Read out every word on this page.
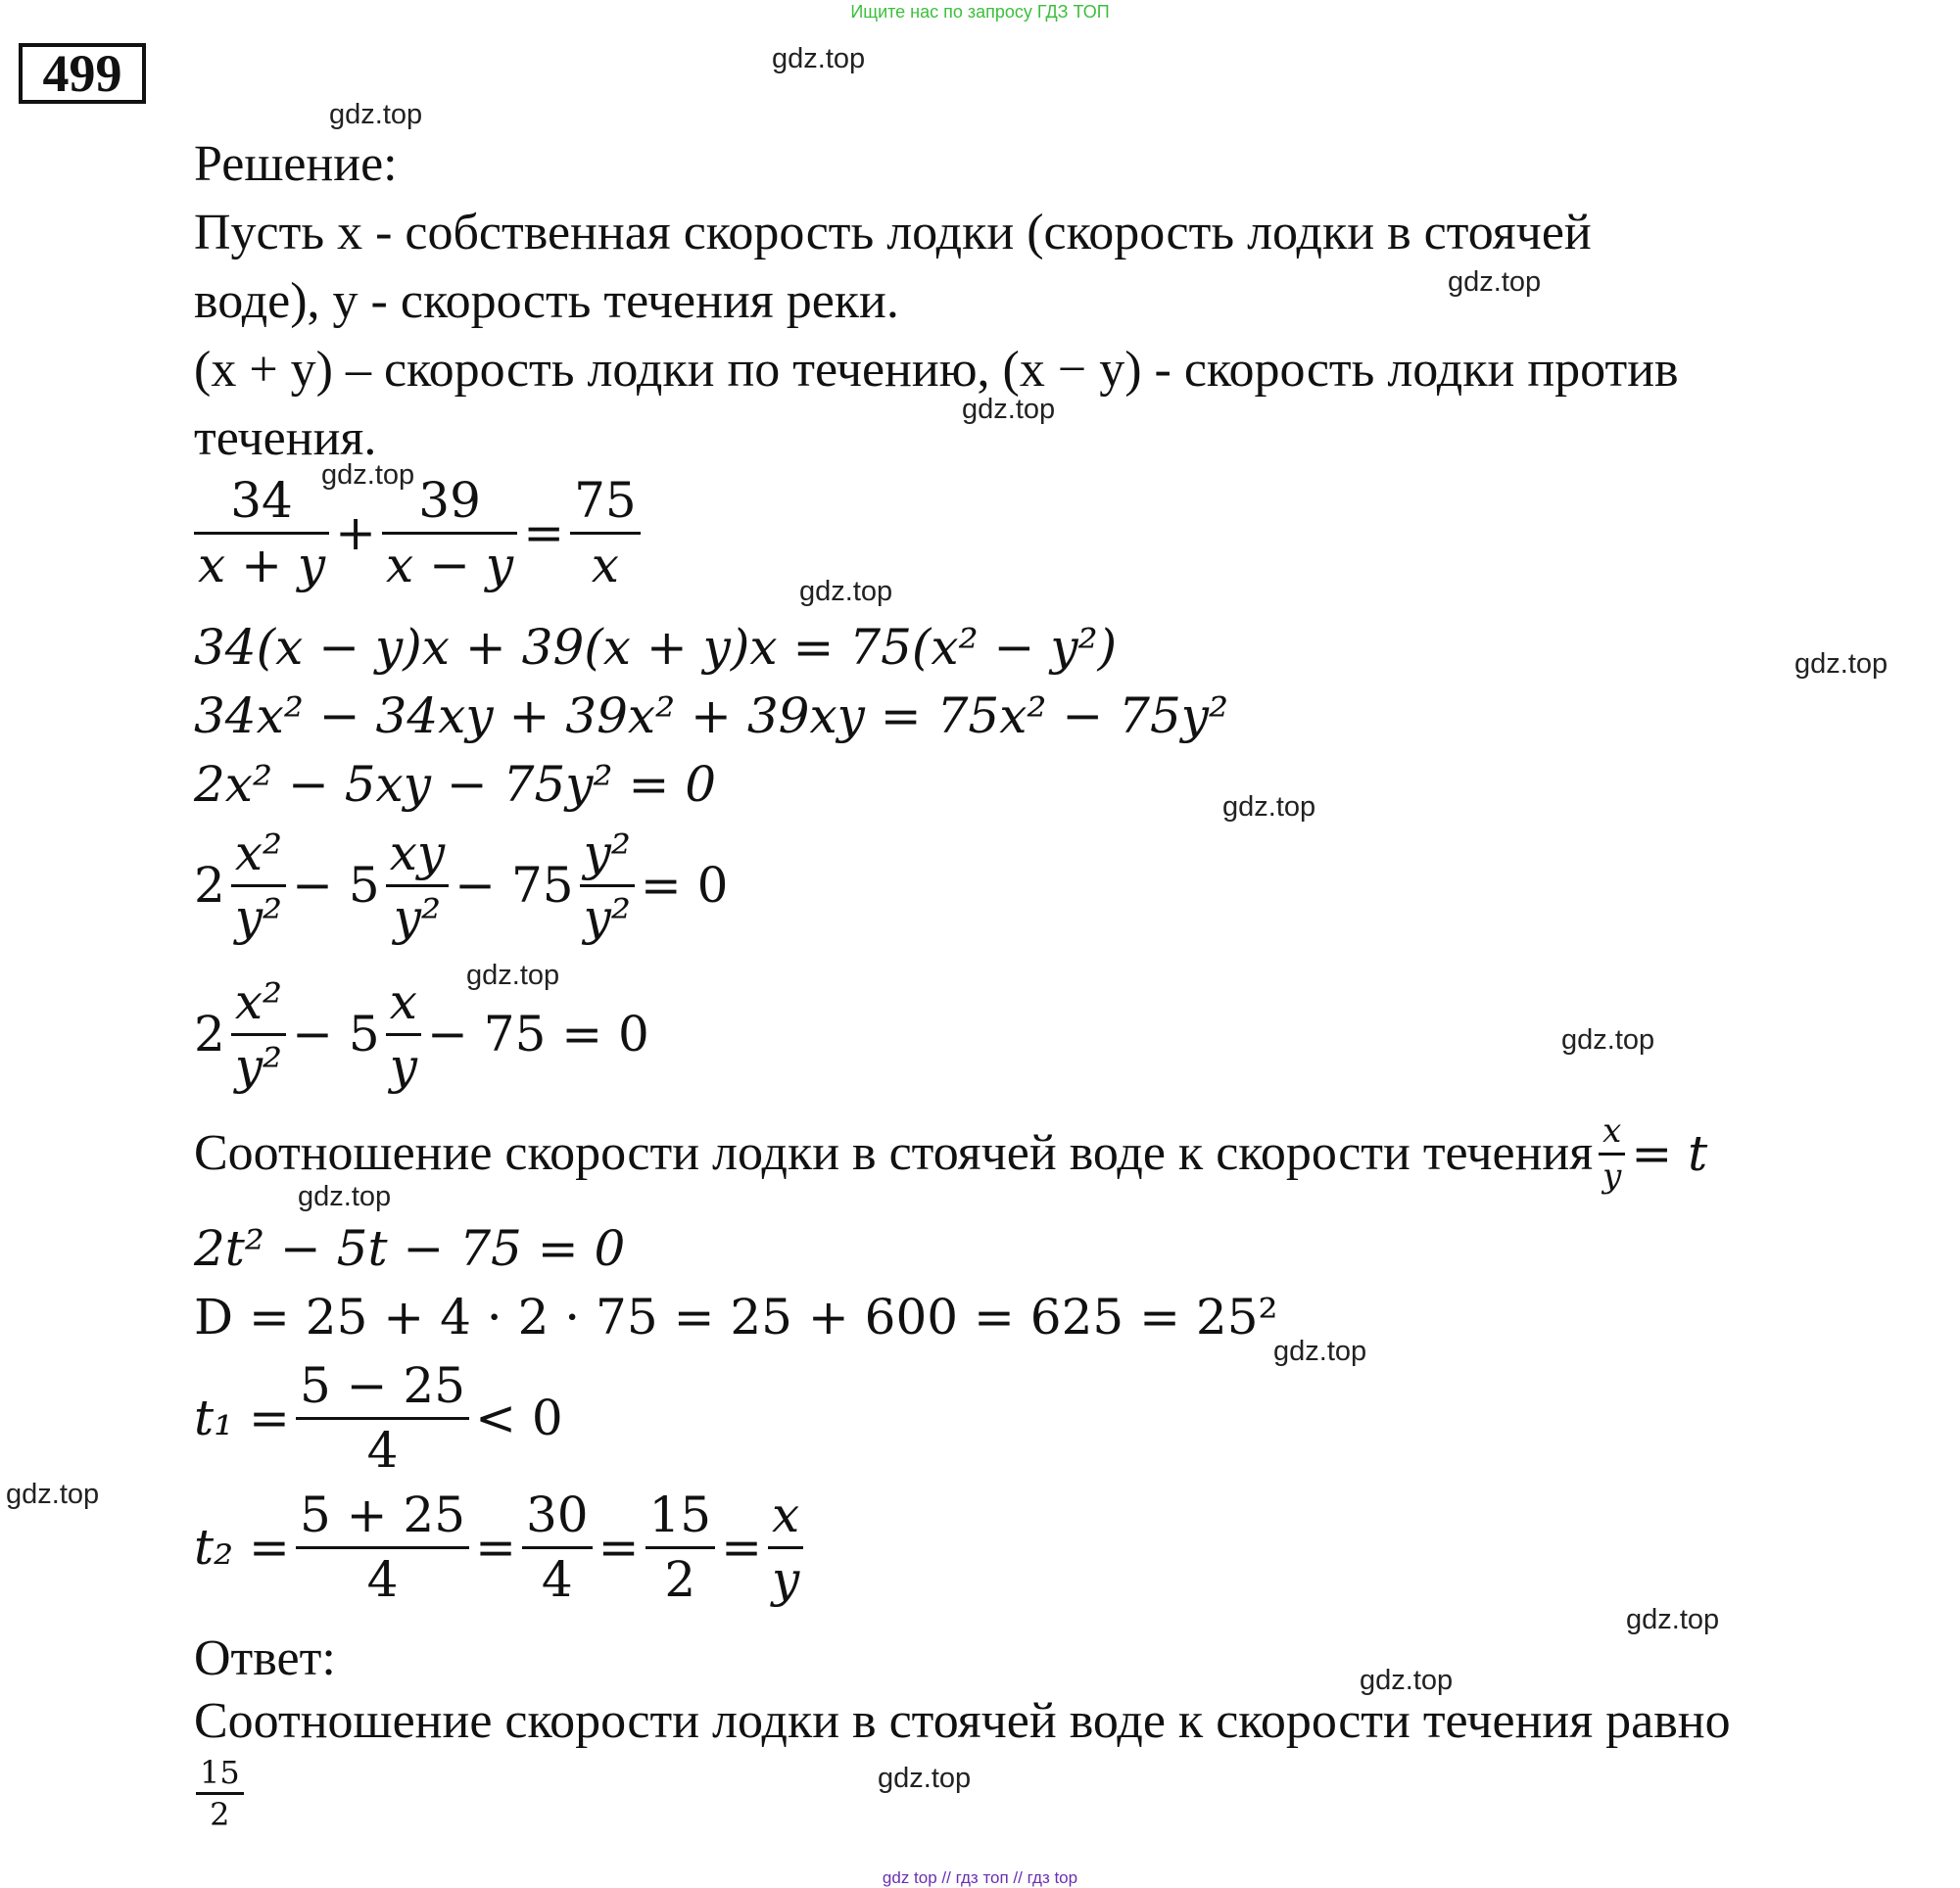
Ищите нас по запросу ГДЗ ТОП
499	gdz.top
gdz.top
gdz.top
gdz.top
gdz.top
gdz.top
gdz.top
gdz.top
gdz.top
gdz.top
gdz.top
gdz.top
gdz.top
gdz.top
gdz.top
gdz.top
Решение:
Пусть x - собственная скорость лодки (скорость лодки в стоячей
воде), y - скорость течения реки.
(x + y) – скорость лодки по течению, (x − y) - скорость лодки против
течения.
$\frac{34}{x + y} + \frac{39}{x - y} = \frac{75}{x}$
34(x − y)x + 39(x + y)x = 75(x² − y²)
34x² − 34xy + 39x² + 39xy = 75x² − 75y²
2x² − 5xy − 75y² = 0
$2 \frac{\text{x²}}{\text{y²}} - 5 \frac{xy}{\text{y²}} - 75 \frac{\text{y²}}{\text{y²}} = 0$
$2 \frac{\text{x²}}{\text{y²}} - 5 \frac{x}{y} - 75 = 0$
Соотношение скорости лодки в стоячей воде к скорости течения $\frac{x}{y} = t$
2t² − 5t − 75 = 0
D = 25 + 4 · 2 · 75 = 25 + 600 = 625 = 25²
$t_1 = \frac{5 - 25}{4} < 0$
$t_2 = \frac{5 + 25}{4} = \frac{30}{4} = \frac{15}{2} = \frac{x}{y}$
Ответ:
Соотношение скорости лодки в стоячей воде к скорости течения равно
$\frac{15}{2}$
gdz top // гдз топ // гдз top
